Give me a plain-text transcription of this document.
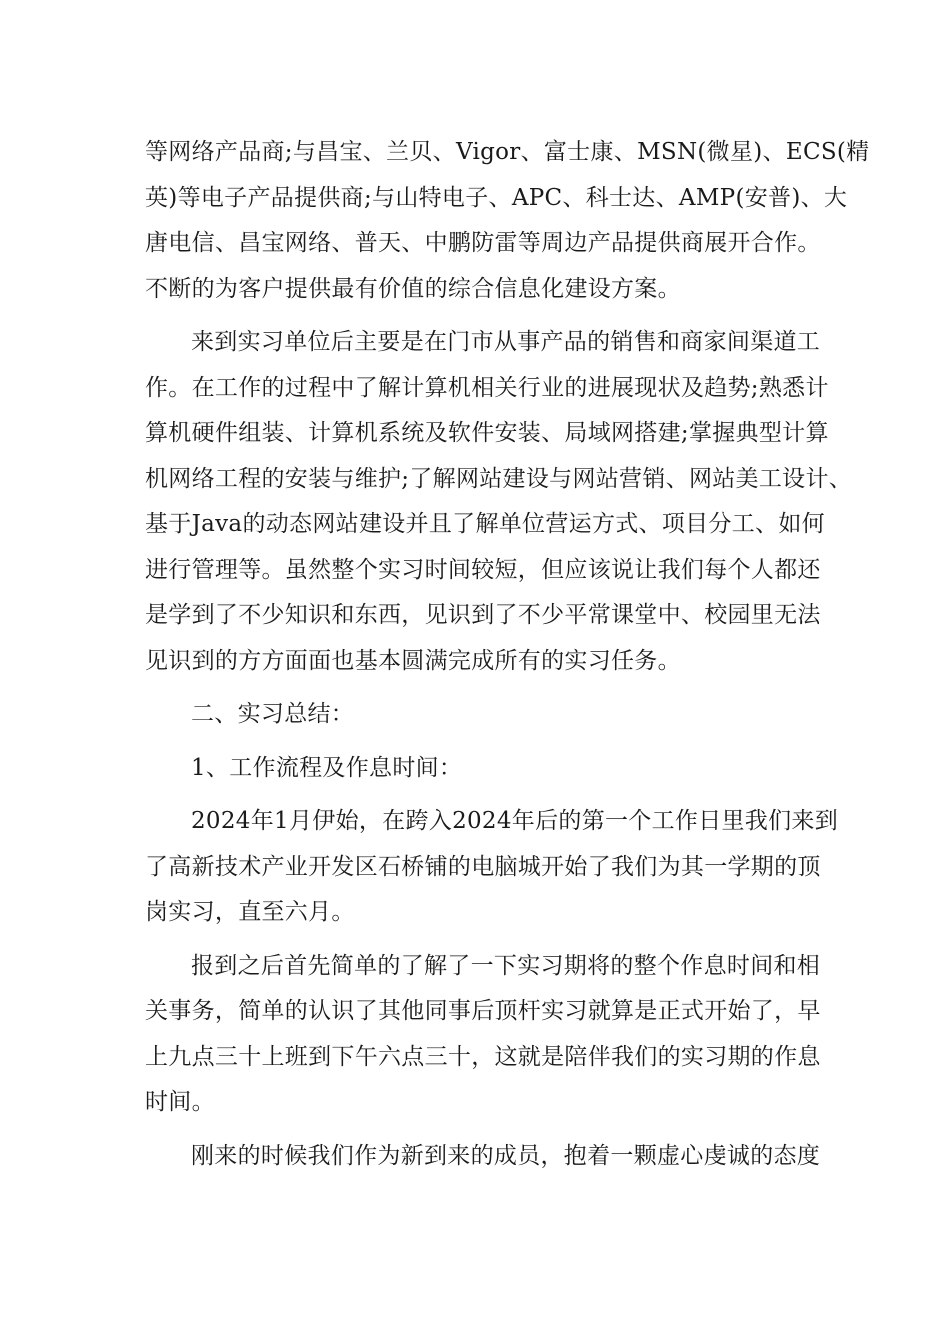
等网络产品商;与昌宝、兰贝、Vigor、富士康、MSN(微星)、ECS(精
英)等电子产品提供商;与山特电子、APC、科士达、AMP(安普)、大
唐电信、昌宝网络、普天、中鹏防雷等周边产品提供商展开合作。
不断的为客户提供最有价值的综合信息化建设方案。
来到实习单位后主要是在门市从事产品的销售和商家间渠道工
作。在工作的过程中了解计算机相关行业的进展现状及趋势;熟悉计
算机硬件组装、计算机系统及软件安装、局域网搭建;掌握典型计算
机网络工程的安装与维护;了解网站建设与网站营销、网站美工设计、
基于Java的动态网站建设并且了解单位营运方式、项目分工、如何
进行管理等。虽然整个实习时间较短，但应该说让我们每个人都还
是学到了不少知识和东西，见识到了不少平常课堂中、校园里无法
见识到的方方面面也基本圆满完成所有的实习任务。
二、实习总结：
1、工作流程及作息时间：
2024年1月伊始，在跨入2024年后的第一个工作日里我们来到
了高新技术产业开发区石桥铺的电脑城开始了我们为其一学期的顶
岗实习，直至六月。
报到之后首先简单的了解了一下实习期将的整个作息时间和相
关事务，简单的认识了其他同事后顶杆实习就算是正式开始了，早
上九点三十上班到下午六点三十，这就是陪伴我们的实习期的作息
时间。
刚来的时候我们作为新到来的成员，抱着一颗虚心虔诚的态度
